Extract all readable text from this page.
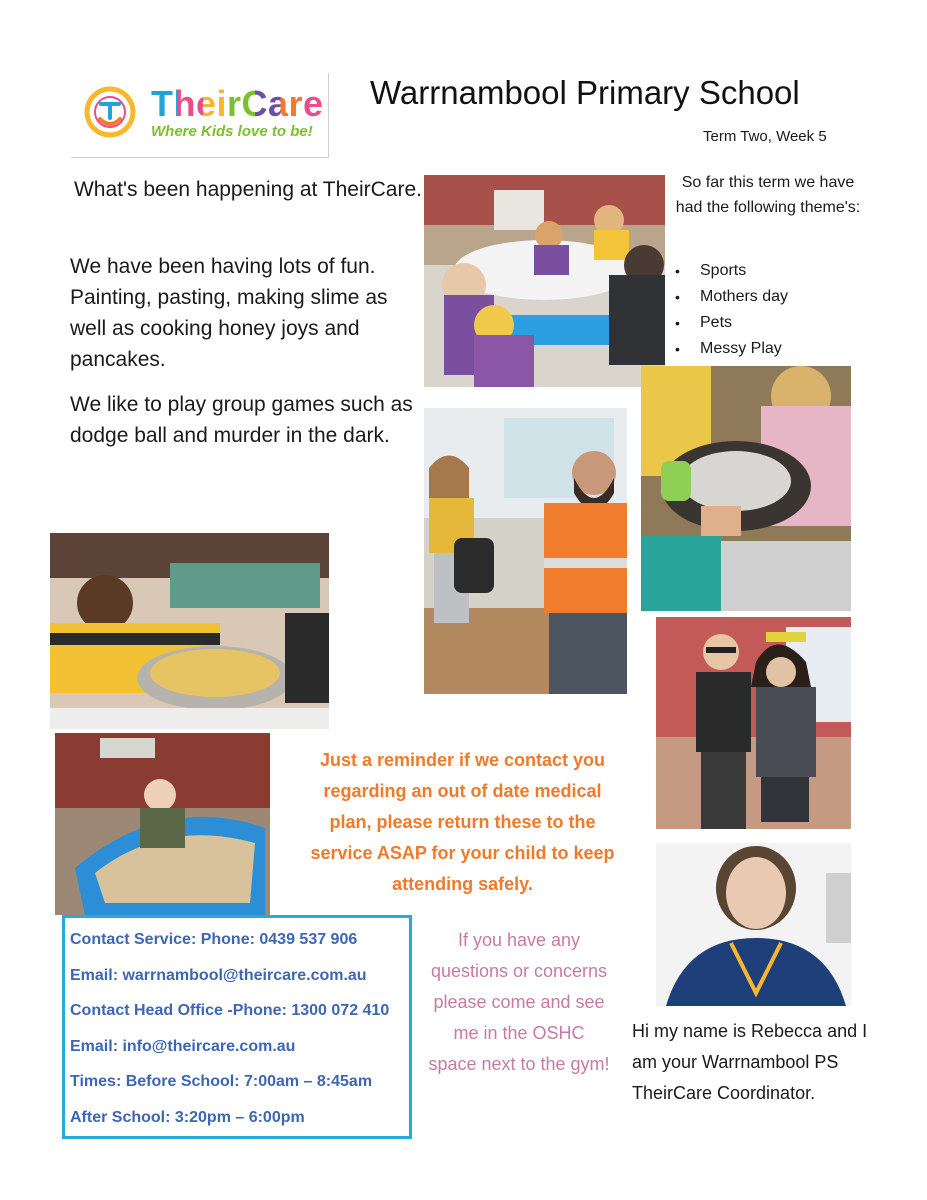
TheirCare
Where Kids love to be!
Warrnambool Primary School
Term Two, Week 5
What's been happening at TheirCare.
We have been having lots of fun. Painting, pasting, making slime as well as cooking honey joys and pancakes.
We like to play group games such as dodge ball and murder in the dark.
So far this term we have had the following theme's:
• Sports
• Mothers day
• Pets
• Messy Play
Just a reminder if we contact you regarding an out of date medical plan, please return these to the service ASAP for your child to keep attending safely.
Contact Service: Phone: 0439 537 906
Email: warrnambool@theircare.com.au
Contact Head Office -Phone: 1300 072 410
Email: info@theircare.com.au
Times: Before School: 7:00am – 8:45am
After School: 3:20pm – 6:00pm
If you have any questions or concerns please come and see me in the OSHC space next to the gym!
Hi my name is Rebecca and I am your Warrnambool PS TheirCare Coordinator.
